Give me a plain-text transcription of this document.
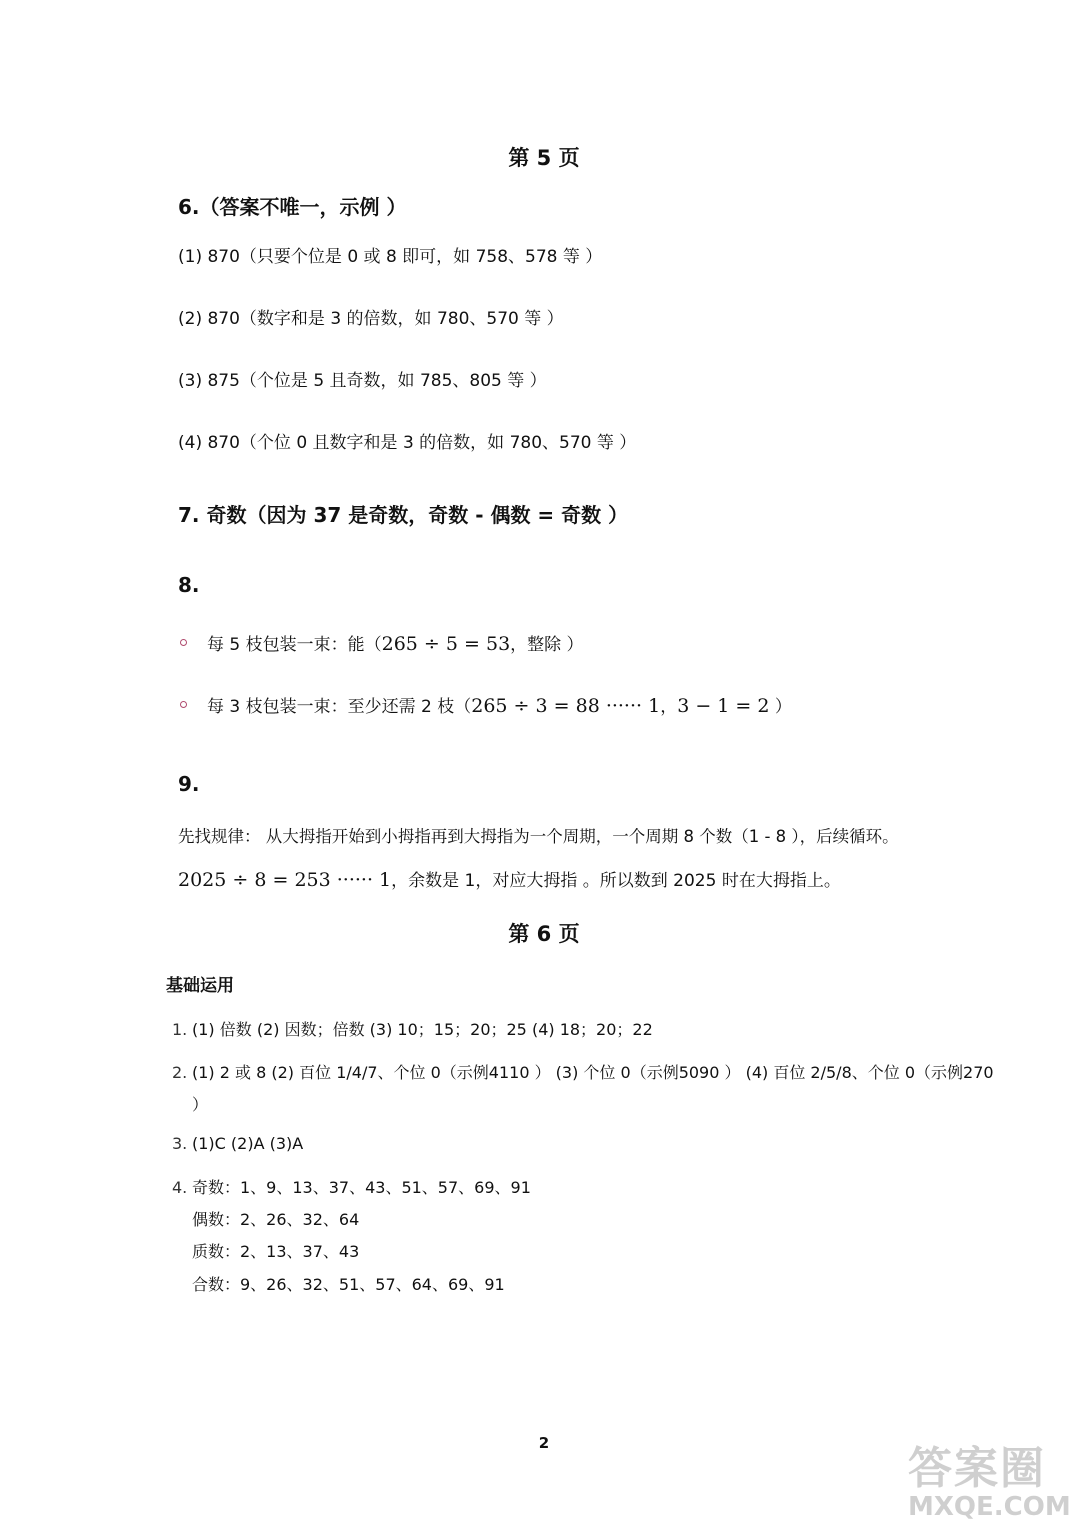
第 5 页
6.（答案不唯一，示例 ）
(1) 870（只要个位是 0 或 8 即可，如 758、578 等 ）
(2) 870（数字和是 3 的倍数，如 780、570 等 ）
(3) 875（个位是 5 且奇数，如 785、805 等 ）
(4) 870（个位 0 且数字和是 3 的倍数，如 780、570 等 ）
7. 奇数（因为 37 是奇数，奇数 - 偶数 = 奇数 ）
8.
每 5 枝包装一束：能（265 ÷ 5 = 53，整除 ）
每 3 枝包装一束：至少还需 2 枝（265 ÷ 3 = 88 ······ 1，3 − 1 = 2 ）
9.
先找规律： 从大拇指开始到小拇指再到大拇指为一个周期，一个周期 8 个数（1 - 8 ），后续循环。
2025 ÷ 8 = 253 ······ 1，余数是 1，对应大拇指 。所以数到 2025 时在大拇指上。
第 6 页
基础运用
1. (1) 倍数 (2) 因数；倍数 (3) 10；15；20；25 (4) 18；20；22
2. (1) 2 或 8 (2) 百位 1/4/7、个位 0（示例4110 ） (3) 个位 0（示例5090 ） (4) 百位 2/5/8、个位 0（示例270
）
3. (1)C (2)A (3)A
4. 奇数：1、9、13、37、43、51、57、69、91
偶数：2、26、32、64
质数：2、13、37、43
合数：9、26、32、51、57、64、69、91
2	答案圈
MXQE.COM
